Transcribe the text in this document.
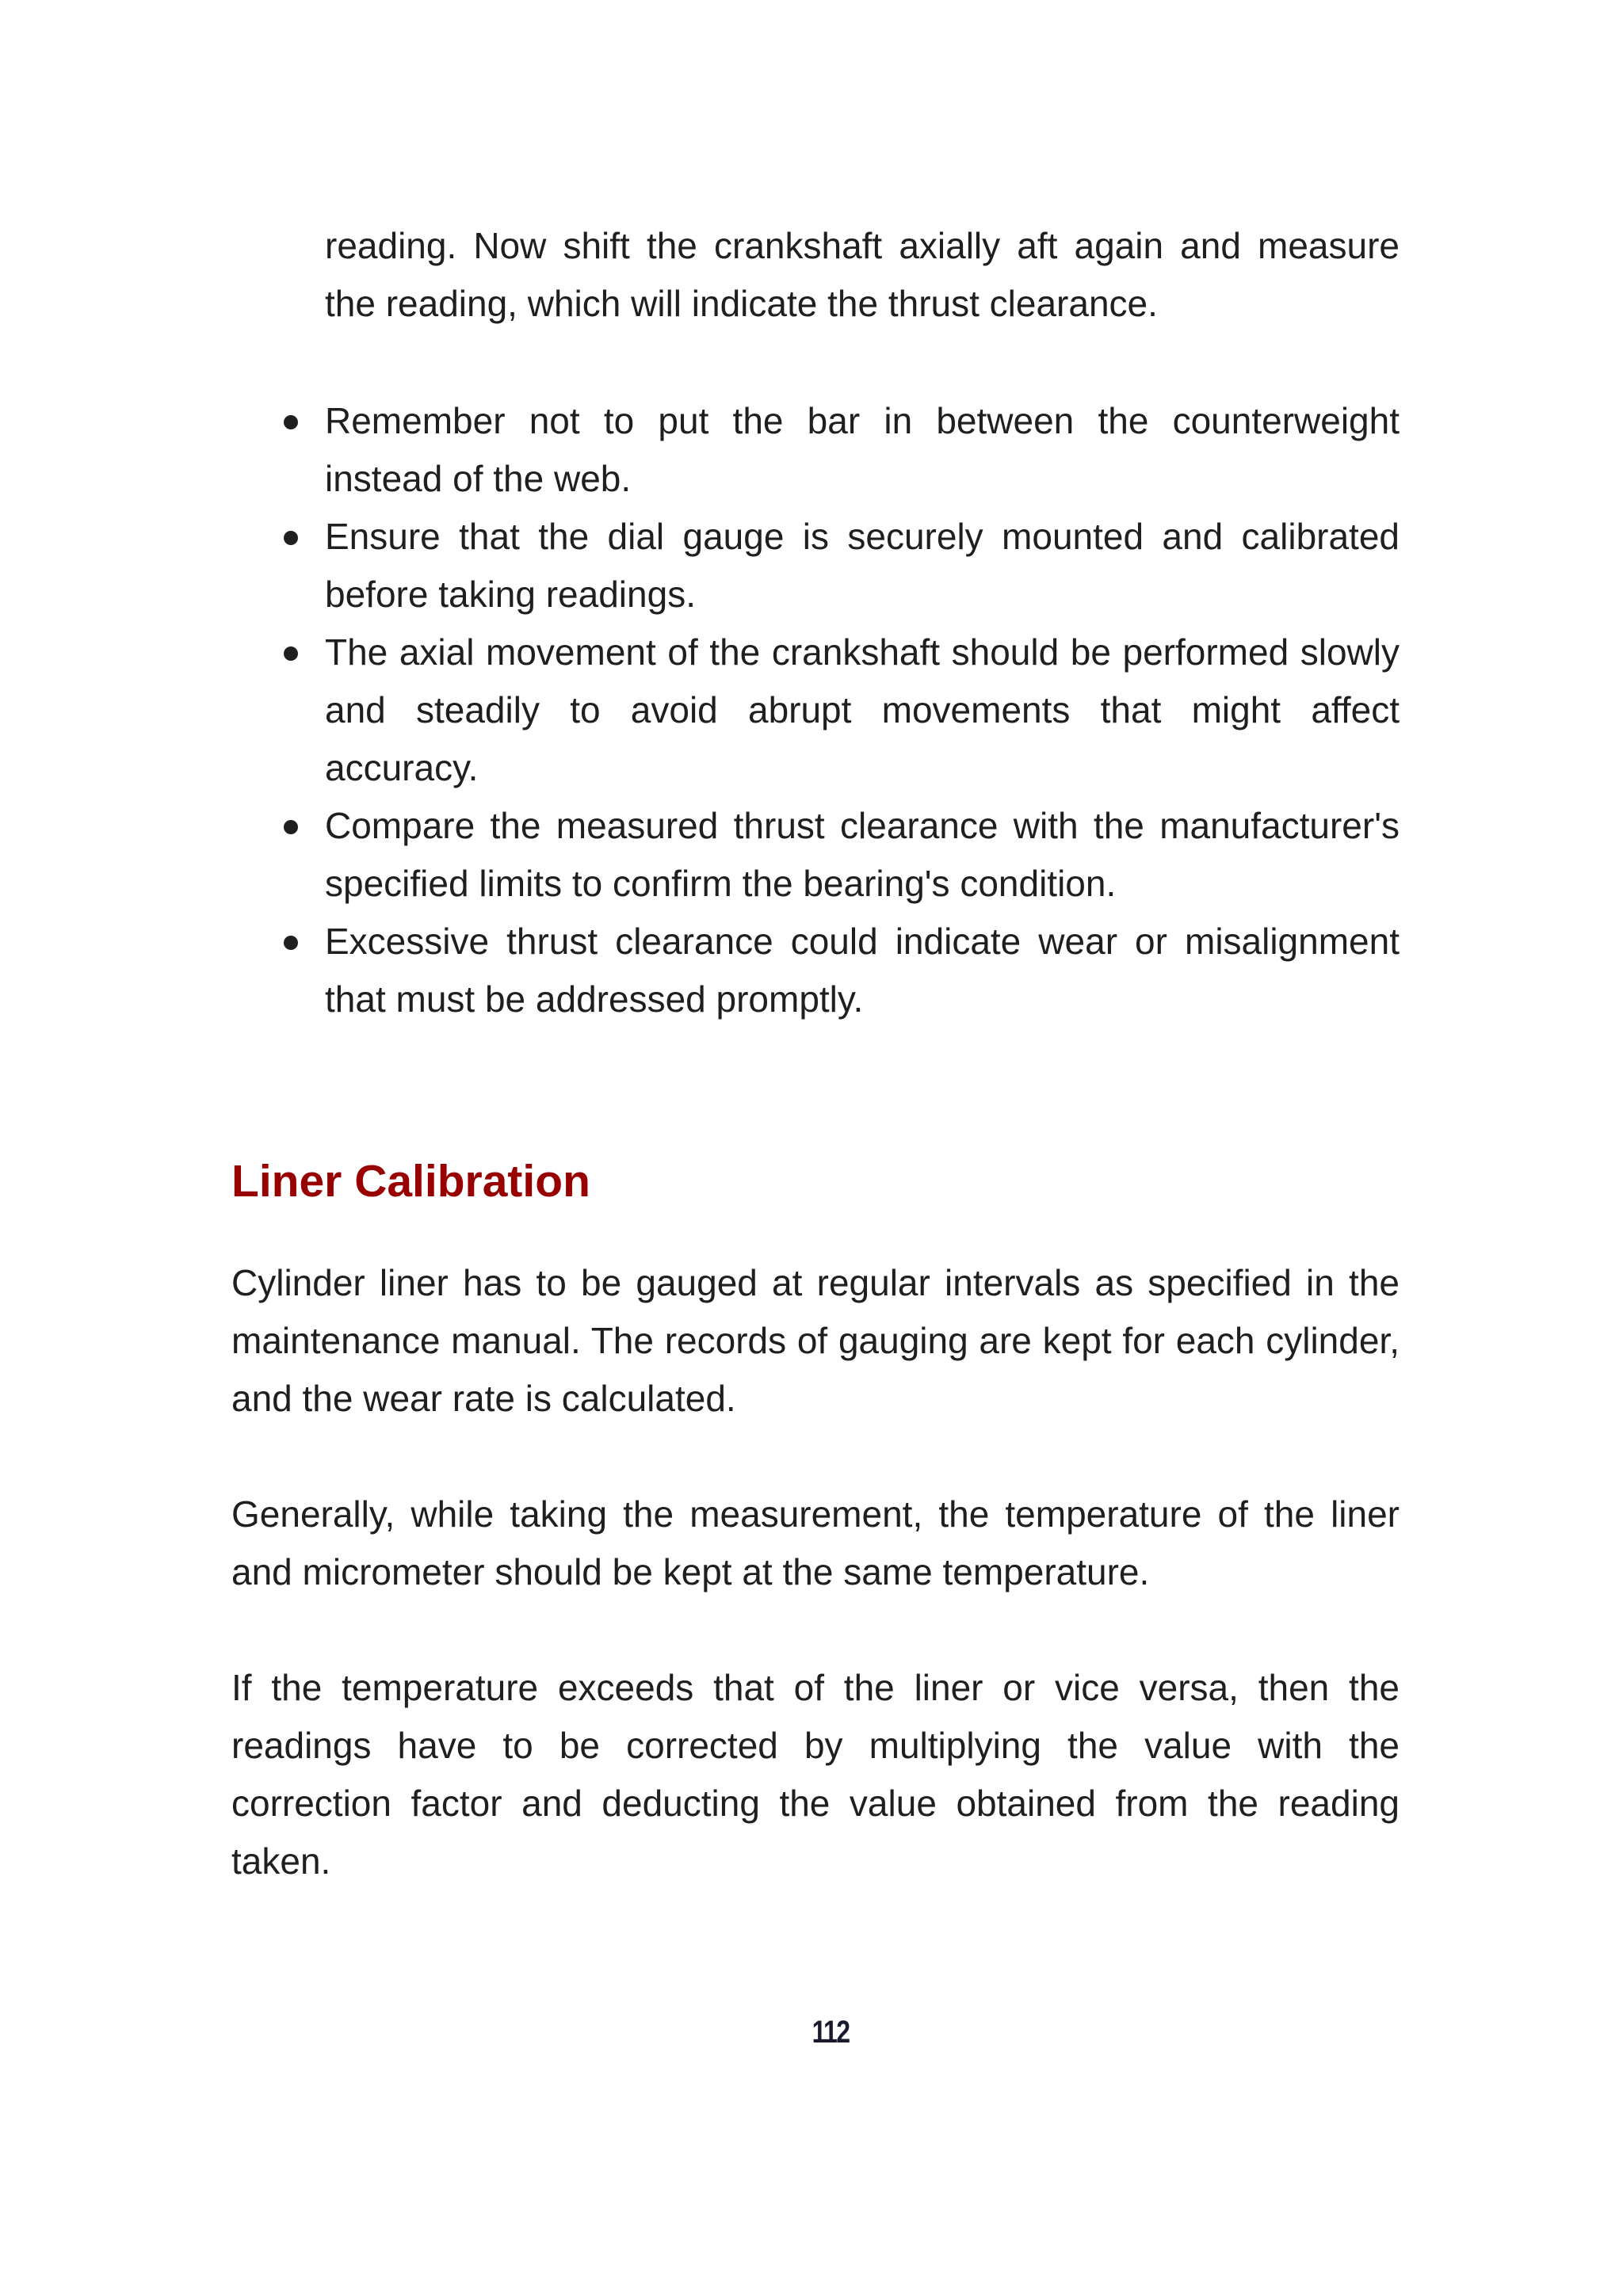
reading. Now shift the crankshaft axially aft again and measure the reading, which will indicate the thrust clearance.

Remember not to put the bar in between the counterweight instead of the web.
Ensure that the dial gauge is securely mounted and calibrated before taking readings.
The axial movement of the crankshaft should be performed slowly and steadily to avoid abrupt movements that might affect accuracy.
Compare the measured thrust clearance with the manufacturer's specified limits to confirm the bearing's condition.
Excessive thrust clearance could indicate wear or misalignment that must be addressed promptly.
Liner Calibration

Cylinder liner has to be gauged at regular intervals as specified in the maintenance manual. The records of gauging are kept for each cylinder, and the wear rate is calculated.

Generally, while taking the measurement, the temperature of the liner and micrometer should be kept at the same temperature.

If the temperature exceeds that of the liner or vice versa, then the readings have to be corrected by multiplying the value with the correction factor and deducting the value obtained from the reading taken.

112
